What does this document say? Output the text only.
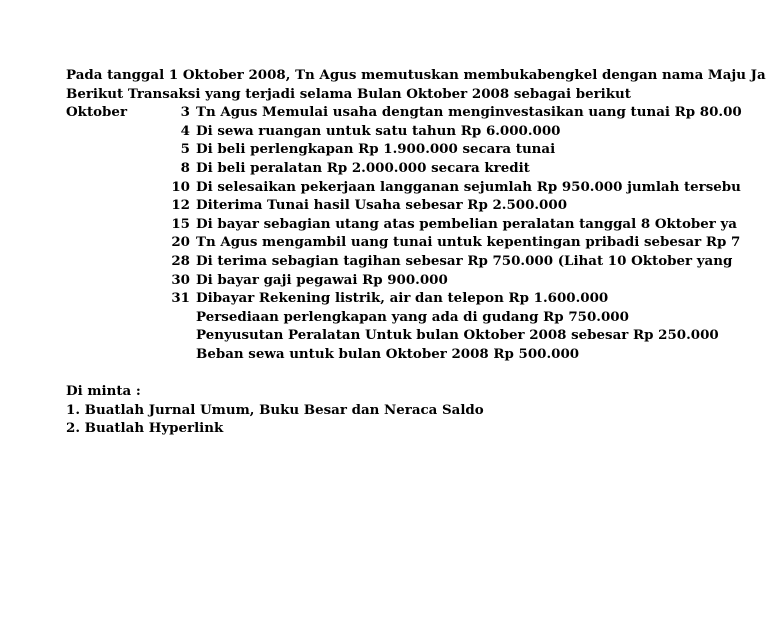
Pada tanggal 1 Oktober 2008, Tn Agus memutuskan membukabengkel dengan nama Maju Ja
Berikut Transaksi yang terjadi selama Bulan Oktober 2008 sebagai berikut
Oktober	3 Tn Agus Memulai usaha dengtan menginvestasikan uang tunai Rp 80.00
4 Di sewa ruangan untuk satu tahun Rp 6.000.000
5 Di beli perlengkapan Rp 1.900.000 secara tunai
8 Di beli peralatan Rp 2.000.000 secara kredit
10 Di selesaikan pekerjaan langganan sejumlah Rp 950.000 jumlah tersebu
12 Diterima Tunai hasil Usaha sebesar Rp 2.500.000
15 Di bayar sebagian utang atas pembelian peralatan tanggal 8 Oktober ya
20 Tn Agus mengambil uang tunai untuk kepentingan pribadi sebesar Rp 7
28 Di terima sebagian tagihan sebesar Rp 750.000 (Lihat 10 Oktober yang
30 Di bayar gaji pegawai Rp 900.000
31 Dibayar Rekening listrik, air dan telepon Rp 1.600.000
Persediaan perlengkapan yang ada di gudang Rp 750.000
Penyusutan Peralatan Untuk bulan Oktober 2008 sebesar Rp 250.000
Beban sewa untuk bulan Oktober 2008 Rp 500.000
Di minta :
1. Buatlah Jurnal Umum, Buku Besar dan Neraca Saldo
2. Buatlah Hyperlink
